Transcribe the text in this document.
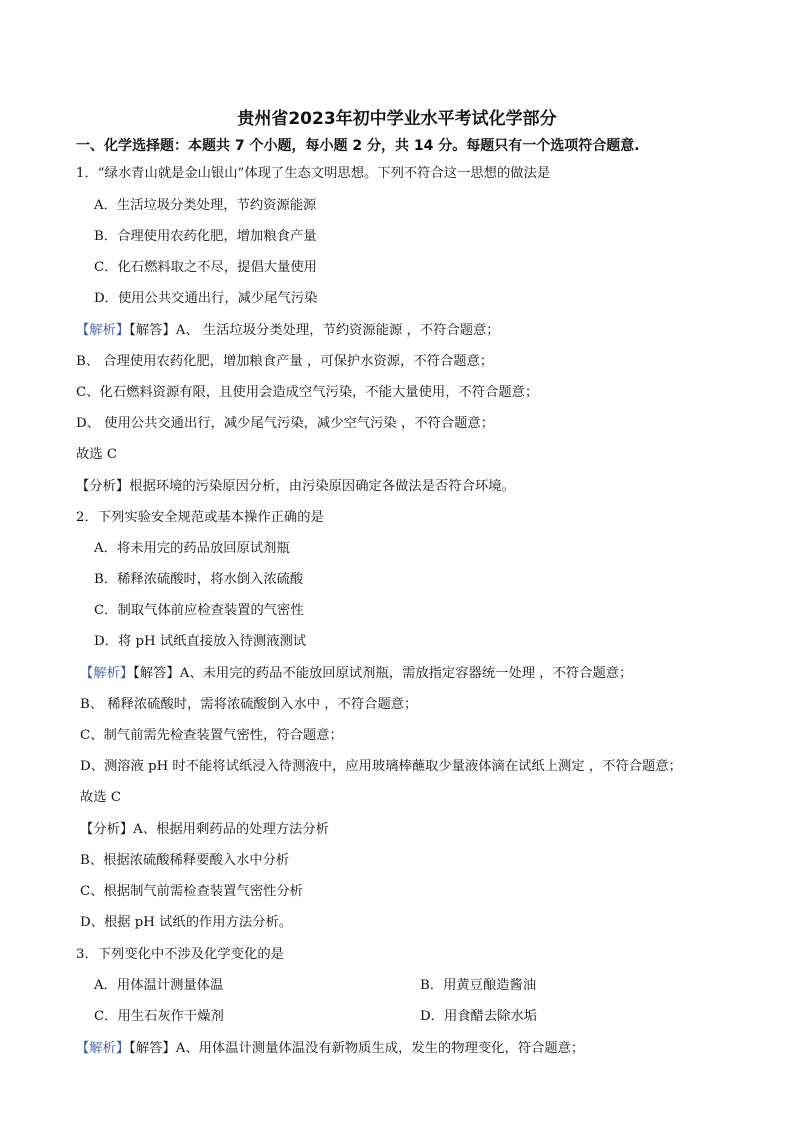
贵州省2023年初中学业水平考试化学部分
一、化学选择题：本题共 7 个小题，每小题 2 分，共 14 分。每题只有一个选项符合题意.
1．“绿水青山就是金山银山”体现了生态文明思想。下列不符合这一思想的做法是
A．生活垃圾分类处理，节约资源能源
B．合理使用农药化肥，增加粮食产量
C．化石燃料取之不尽，提倡大量使用
D．使用公共交通出行，减少尾气污染
【解析】【解答】A、 生活垃圾分类处理，节约资源能源 ，不符合题意；
B、 合理使用农药化肥，增加粮食产量 ，可保护水资源，不符合题意；
C、化石燃料资源有限，且使用会造成空气污染，不能大量使用，不符合题意；
D、 使用公共交通出行，减少尾气污染，减少空气污染 ，不符合题意；
故选 C
【分析】根据环境的污染原因分析，由污染原因确定各做法是否符合环境。
2．下列实验安全规范或基本操作正确的是
A．将未用完的药品放回原试剂瓶
B．稀释浓硫酸时，将水倒入浓硫酸
C．制取气体前应检查装置的气密性
D．将 pH 试纸直接放入待测液测试
【解析】【解答】A、未用完的药品不能放回原试剂瓶，需放指定容器统一处理 ，不符合题意；
B、 稀释浓硫酸时，需将浓硫酸倒入水中 ，不符合题意；
C、制气前需先检查装置气密性，符合题意；
D、测溶液 pH 时不能将试纸浸入待测液中，应用玻璃棒蘸取少量液体滴在试纸上测定 ，不符合题意；
故选 C
【分析】A、根据用剩药品的处理方法分析
B、根据浓硫酸稀释要酸入水中分析
C、根据制气前需检查装置气密性分析
D、根据 pH 试纸的作用方法分析。
3．下列变化中不涉及化学变化的是
A．用体温计测量体温	B．用黄豆酿造酱油
C．用生石灰作干燥剂	D．用食醋去除水垢
【解析】【解答】A、用体温计测量体温没有新物质生成，发生的物理变化，符合题意；
